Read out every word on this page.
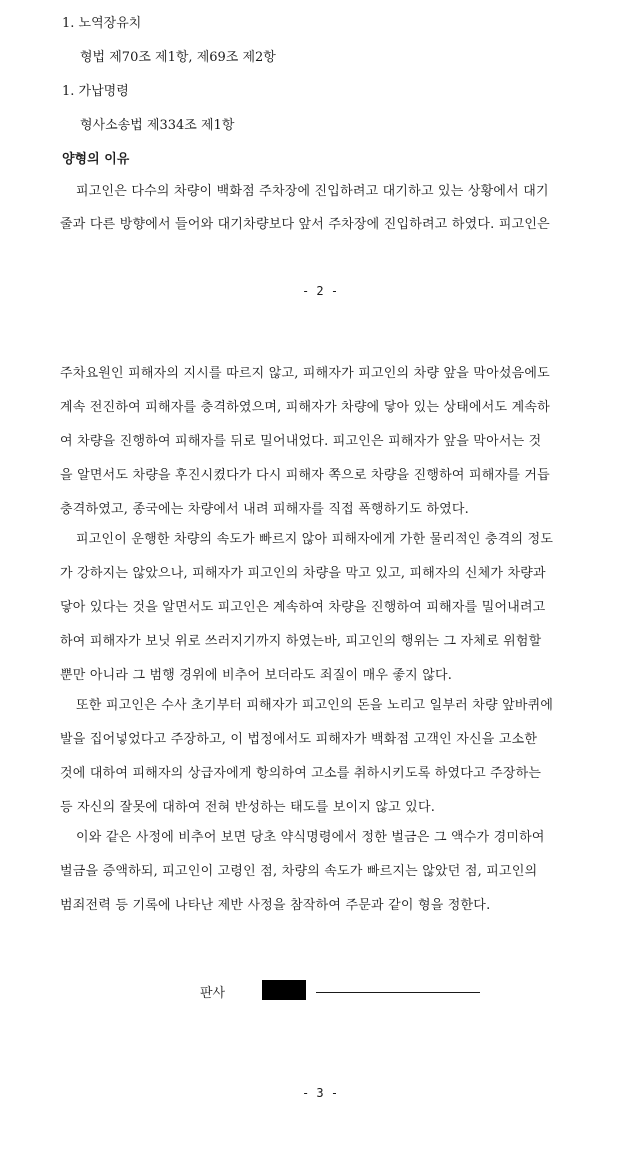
1. 노역장유치
형법 제70조 제1항, 제69조 제2항
1. 가납명령
형사소송법 제334조 제1항
양형의 이유
피고인은 다수의 차량이 백화점 주차장에 진입하려고 대기하고 있는 상황에서 대기
줄과 다른 방향에서 들어와 대기차량보다 앞서 주차장에 진입하려고 하였다. 피고인은
- 2 -
주차요원인 피해자의 지시를 따르지 않고, 피해자가 피고인의 차량 앞을 막아섰음에도
계속 전진하여 피해자를 충격하였으며, 피해자가 차량에 닿아 있는 상태에서도 계속하
여 차량을 진행하여 피해자를 뒤로 밀어내었다. 피고인은 피해자가 앞을 막아서는 것
을 알면서도 차량을 후진시켰다가 다시 피해자 쪽으로 차량을 진행하여 피해자를 거듭
충격하였고, 종국에는 차량에서 내려 피해자를 직접 폭행하기도 하였다.
피고인이 운행한 차량의 속도가 빠르지 않아 피해자에게 가한 물리적인 충격의 정도
가 강하지는 않았으나, 피해자가 피고인의 차량을 막고 있고, 피해자의 신체가 차량과
닿아 있다는 것을 알면서도 피고인은 계속하여 차량을 진행하여 피해자를 밀어내려고
하여 피해자가 보닛 위로 쓰러지기까지 하였는바, 피고인의 행위는 그 자체로 위험할
뿐만 아니라 그 범행 경위에 비추어 보더라도 죄질이 매우 좋지 않다.
또한 피고인은 수사 초기부터 피해자가 피고인의 돈을 노리고 일부러 차량 앞바퀴에
발을 집어넣었다고 주장하고, 이 법정에서도 피해자가 백화점 고객인 자신을 고소한
것에 대하여 피해자의 상급자에게 항의하여 고소를 취하시키도록 하였다고 주장하는
등 자신의 잘못에 대하여 전혀 반성하는 태도를 보이지 않고 있다.
이와 같은 사정에 비추어 보면 당초 약식명령에서 정한 벌금은 그 액수가 경미하여
벌금을 증액하되, 피고인이 고령인 점, 차량의 속도가 빠르지는 않았던 점, 피고인의
범죄전력 등 기록에 나타난 제반 사정을 참작하여 주문과 같이 형을 정한다.
판사
- 3 -
